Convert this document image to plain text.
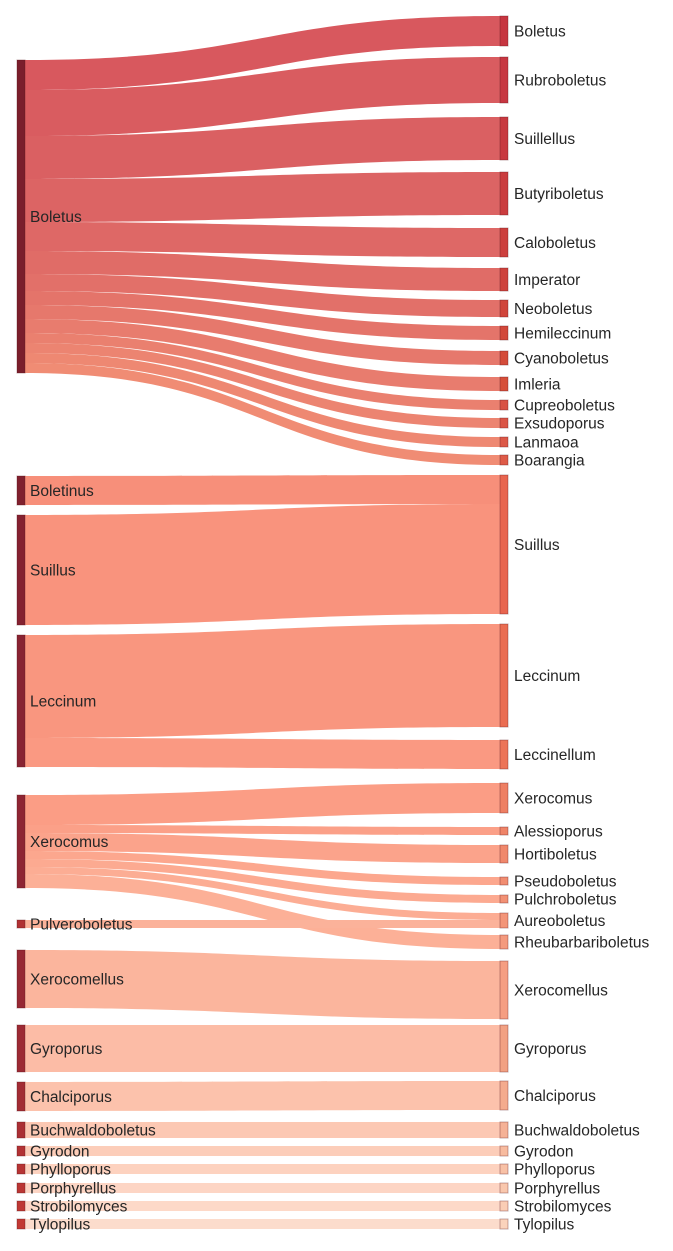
Boletus
Boletinus
Suillus
Leccinum
Xerocomus
Pulveroboletus
Xerocomellus
Gyroporus
Chalciporus
Buchwaldoboletus
Gyrodon
Phylloporus
Porphyrellus
Strobilomyces
Tylopilus
Boletus
Rubroboletus
Suillellus
Butyriboletus
Caloboletus
Imperator
Neoboletus
Hemileccinum
Cyanoboletus
Imleria
Cupreoboletus
Exsudoporus
Lanmaoa
Boarangia
Suillus
Leccinum
Leccinellum
Xerocomus
Alessioporus
Hortiboletus
Pseudoboletus
Pulchroboletus
Aureoboletus
Rheubarbariboletus
Xerocomellus
Gyroporus
Chalciporus
Buchwaldoboletus
Gyrodon
Phylloporus
Porphyrellus
Strobilomyces
Tylopilus
